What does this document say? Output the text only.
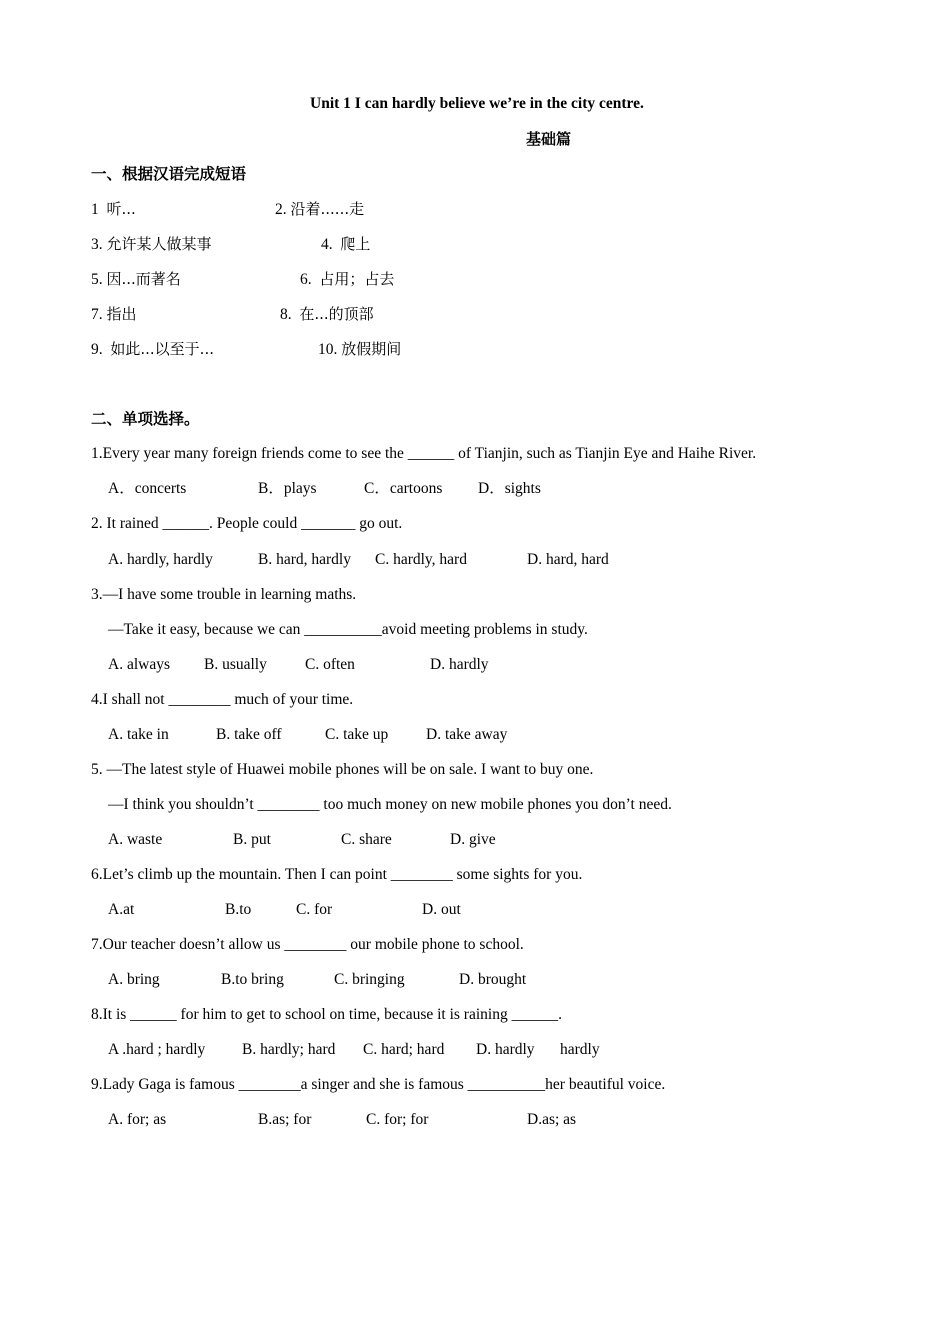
Unit 1 I can hardly believe we’re in the city centre.
基础篇
一、根据汉语完成短语
1 听...	2. 沿着......走
3. 允许某人做某事	4. 爬上
5. 因...而著名	6. 占用；占去
7. 指出	8. 在...的顶部
9. 如此...以至于...	10. 放假期间
二、单项选择。
1.Every year many foreign friends come to see the ______ of Tianjin, such as Tianjin Eye and Haihe River.
A．concerts	B．plays	C．cartoons D．sights
2. It rained ______. People could _______ go out.
A. hardly, hardly	B. hard, hardly C. hardly, hard	D. hard, hard
3.—I have some trouble in learning maths.
—Take it easy, because we can __________avoid meeting problems in study.
A. always B. usually C. often	D. hardly
4.I shall not ________ much of your time.
A. take in	B. take off	C. take up D. take away
5. —The latest style of Huawei mobile phones will be on sale. I want to buy one.
—I think you shouldn’t ________ too much money on new mobile phones you don’t need.
A. waste	B. put	C. share	D. give
6.Let’s climb up the mountain. Then I can point ________ some sights for you.
A.at	B.to	C. for	D. out
7.Our teacher doesn’t allow us ________ our mobile phone to school.
A. bring	B.to bring	C. bringing	D. brought
8.It is ______ for him to get to school on time, because it is raining ______.
A .hard ; hardly B. hardly; hard C. hard; hard D. hardly hardly
9.Lady Gaga is famous ________a singer and she is famous __________her beautiful voice.
A. for; as	B.as; for	C. for; for	D.as; as
